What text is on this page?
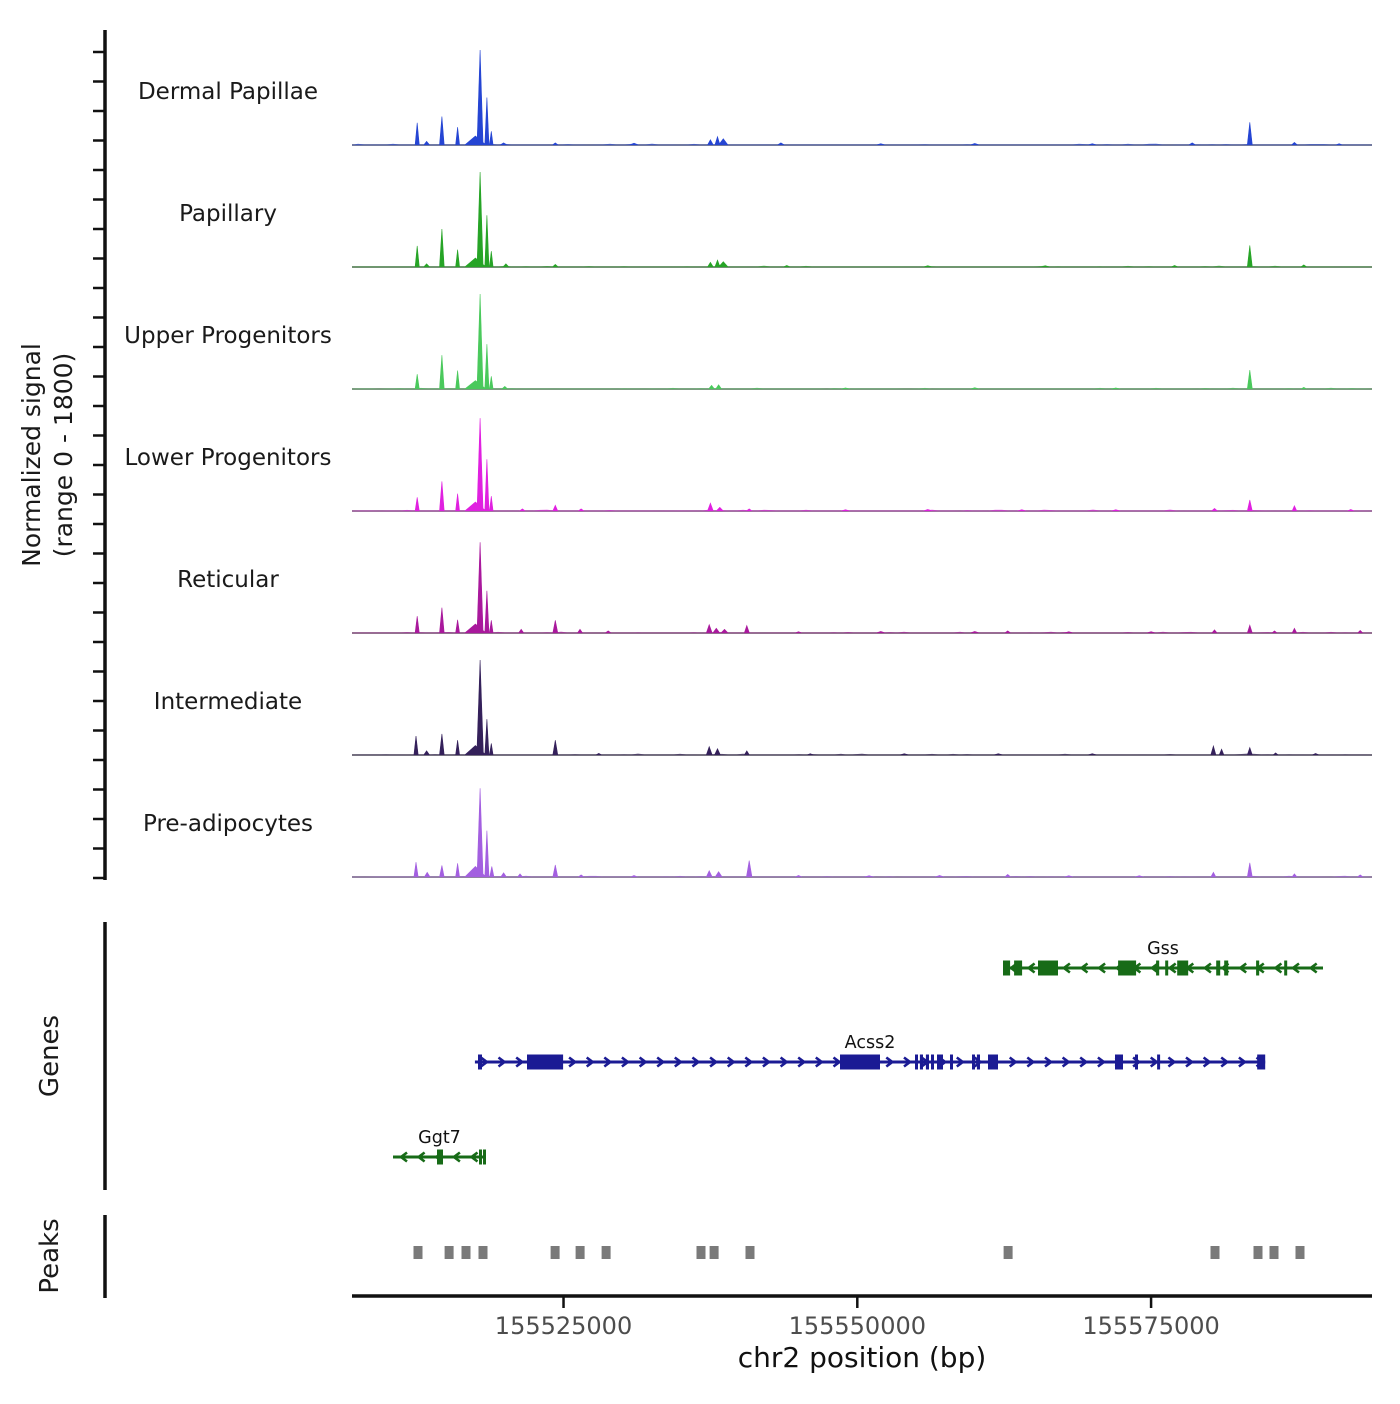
Normalized signal (range 0 - 1800)
Dermal Papillae
Papillary
Upper Progenitors
Lower Progenitors
Reticular
Intermediate
Pre-adipocytes
Genes
Gss
Acss2
Ggt7
Peaks
155525000	155550000	155575000
chr2 position (bp)
